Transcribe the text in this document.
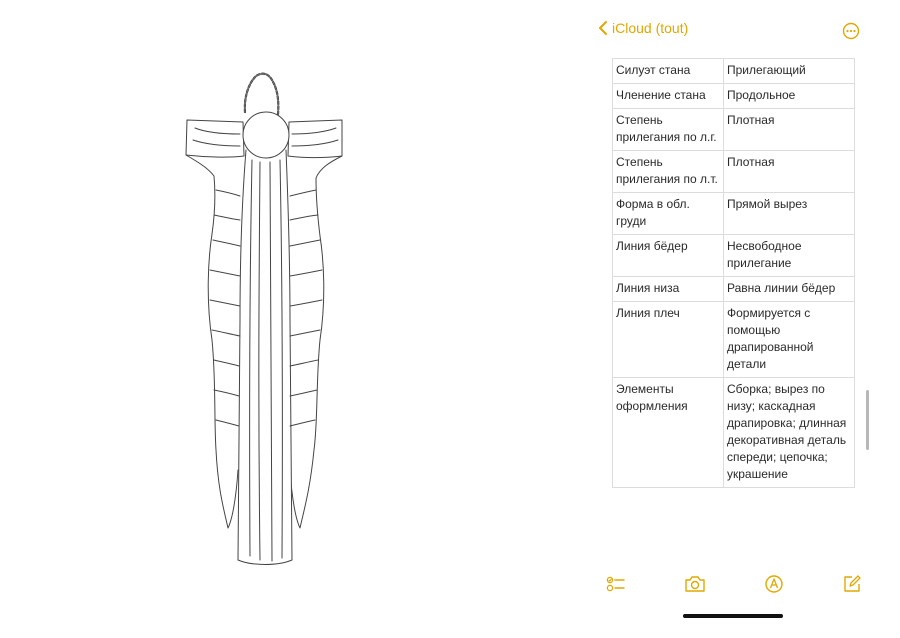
iCloud (tout)
Силуэт стана	Прилегающий
Членение стана	Продольное
Степень прилегания по л.г.	Плотная
Степень прилегания по л.т.	Плотная
Форма в обл. груди	Прямой вырез
Линия бёдер	Несвободное прилегание
Линия низа	Равна линии бёдер
Линия плеч	Формируется с помощью драпированной детали
Элементы оформления	Сборка; вырез по низу; каскадная драпировка; длинная декоративная деталь спереди; цепочка; украшение
